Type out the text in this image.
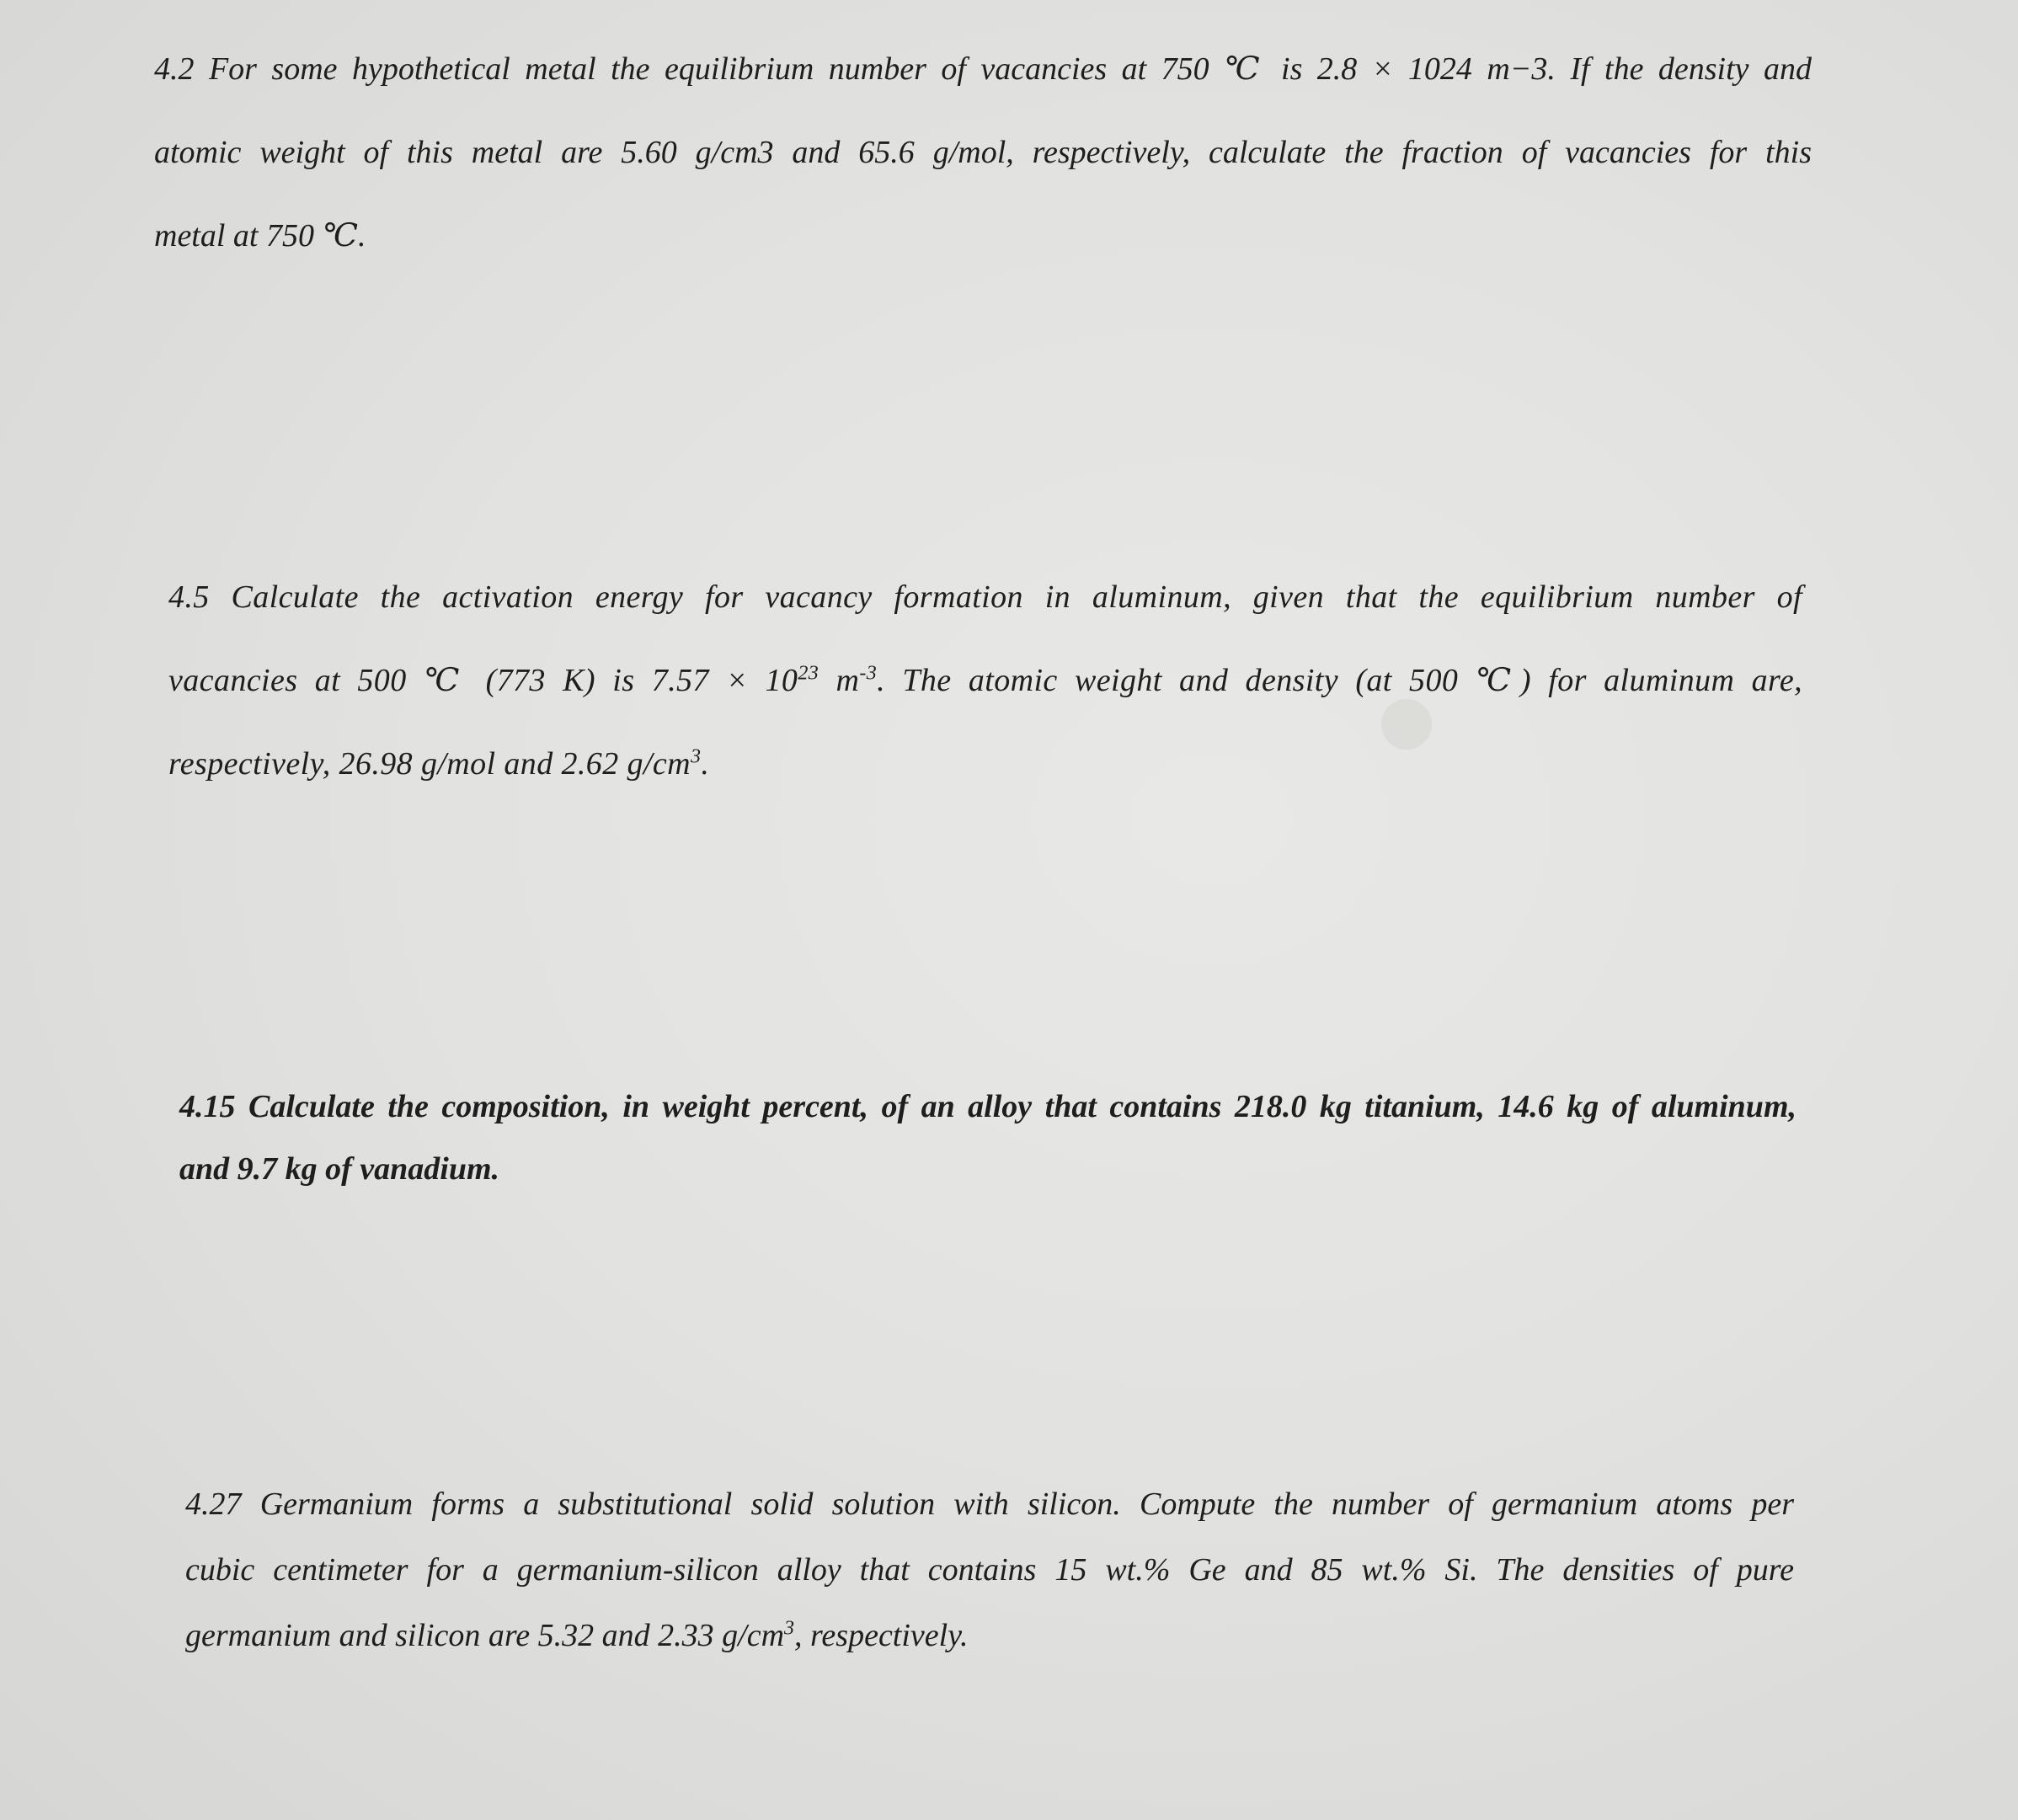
4.2 For some hypothetical metal the equilibrium number of vacancies at 750 ℃ is 2.8 × 1024 m−3. If the density and
atomic weight of this metal are 5.60 g/cm3 and 65.6 g/mol, respectively, calculate the fraction of vacancies for this
metal at 750 ℃.
4.5 Calculate the activation energy for vacancy formation in aluminum, given that the equilibrium number of
vacancies at 500 ℃ (773 K) is $7.57 \times 10^{23}$ $m^{-3}$. The atomic weight and density (at 500 ℃) for aluminum are,
respectively, 26.98 g/mol and 2.62 $g/cm^3$.
4.15 Calculate the composition, in weight percent, of an alloy that contains 218.0 kg titanium, 14.6 kg of aluminum,
and 9.7 kg of vanadium.
4.27 Germanium forms a substitutional solid solution with silicon. Compute the number of germanium atoms per
cubic centimeter for a germanium-silicon alloy that contains 15 wt.% Ge and 85 wt.% Si. The densities of pure
germanium and silicon are 5.32 and 2.33 $g/cm^3$, respectively.
